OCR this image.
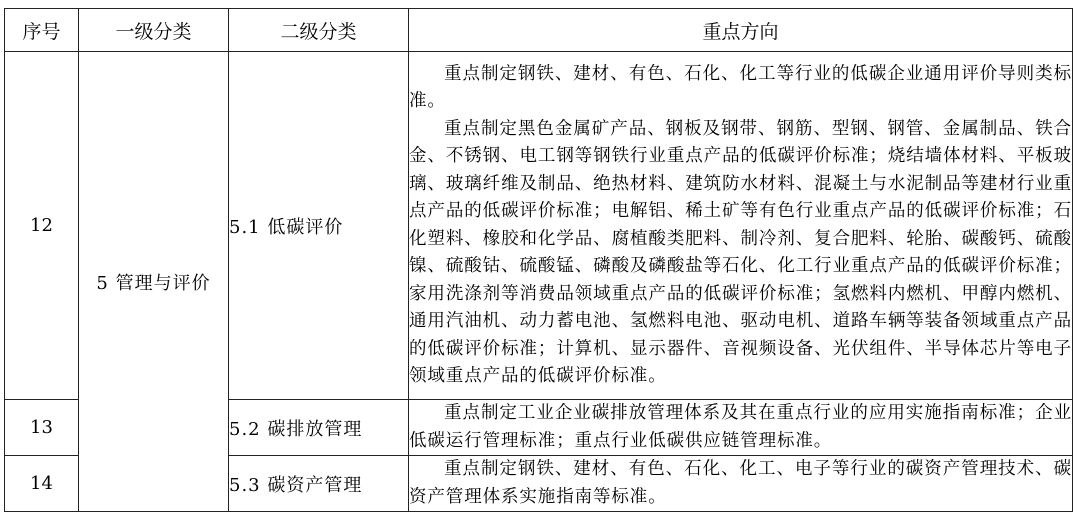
序号	一级分类	二级分类	重点方向
12	5 管理与评价	5.1 低碳评价	重点制定钢铁、建材、有色、石化、化工等行业的低碳企业通用评价导则类标准。

重点制定黑色金属矿产品、钢板及钢带、钢筋、型钢、钢管、金属制品、铁合金、不锈钢、电工钢等钢铁行业重点产品的低碳评价标准；烧结墙体材料、平板玻璃、玻璃纤维及制品、绝热材料、建筑防水材料、混凝土与水泥制品等建材行业重点产品的低碳评价标准；电解铝、稀土矿等有色行业重点产品的低碳评价标准；石化塑料、橡胶和化学品、腐植酸类肥料、制冷剂、复合肥料、轮胎、碳酸钙、硫酸镍、硫酸钴、硫酸锰、磷酸及磷酸盐等石化、化工行业重点产品的低碳评价标准；家用洗涤剂等消费品领域重点产品的低碳评价标准；氢燃料内燃机、甲醇内燃机、通用汽油机、动力蓄电池、氢燃料电池、驱动电机、道路车辆等装备领域重点产品的低碳评价标准；计算机、显示器件、音视频设备、光伏组件、半导体芯片等电子领域重点产品的低碳评价标准。

13		5.2 碳排放管理	重点制定工业企业碳排放管理体系及其在重点行业的应用实施指南标准；企业低碳运行管理标准；重点行业低碳供应链管理标准。

14		5.3 碳资产管理	重点制定钢铁、建材、有色、石化、化工、电子等行业的碳资产管理技术、碳资产管理体系实施指南等标准。
